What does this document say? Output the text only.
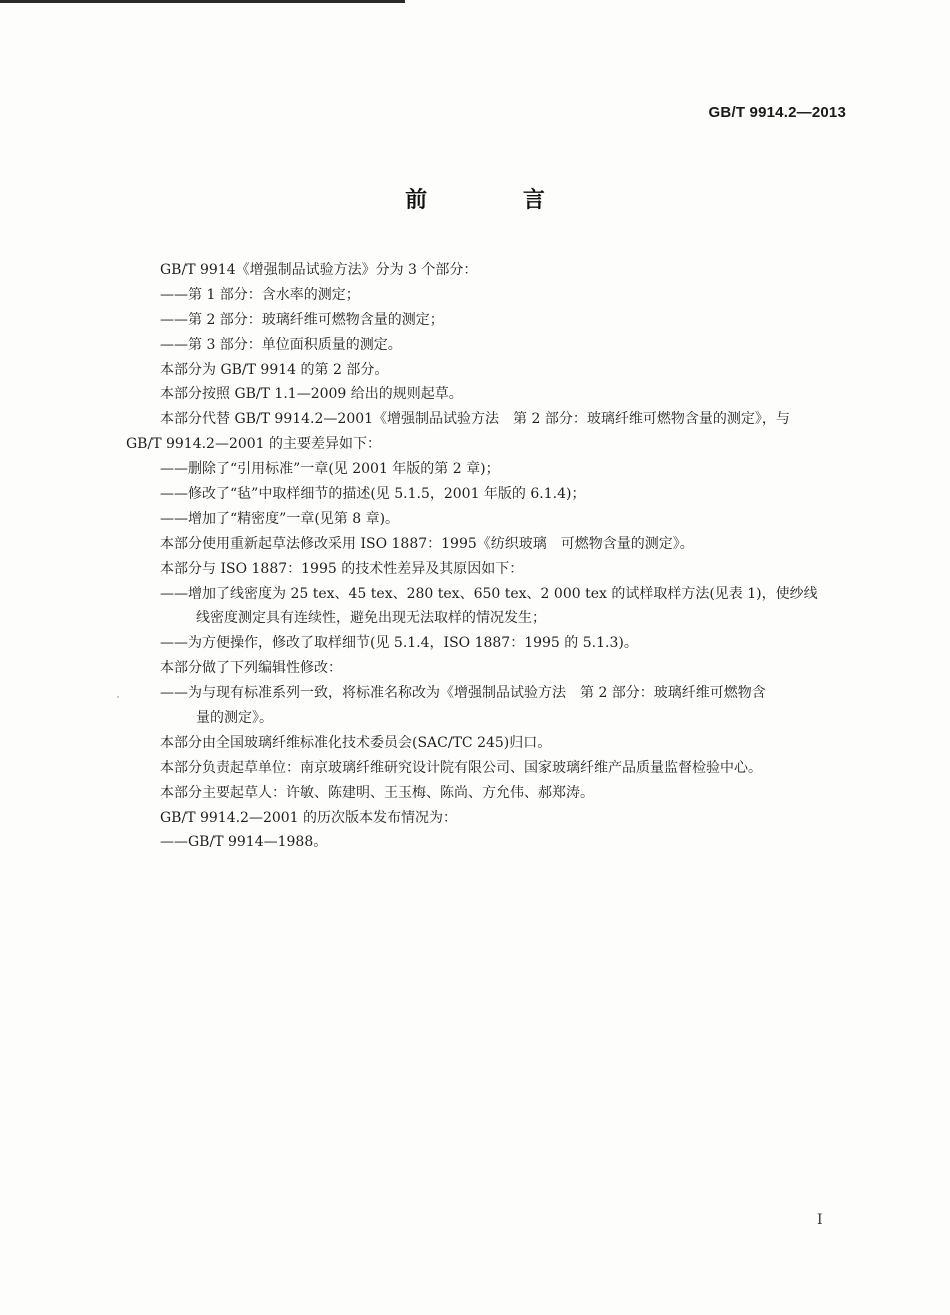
GB/T 9914.2—2013
前 言
GB/T 9914《增强制品试验方法》分为 3 个部分：
——第 1 部分：含水率的测定；
——第 2 部分：玻璃纤维可燃物含量的测定；
——第 3 部分：单位面积质量的测定。
本部分为 GB/T 9914 的第 2 部分。
本部分按照 GB/T 1.1—2009 给出的规则起草。
本部分代替 GB/T 9914.2—2001《增强制品试验方法　第 2 部分：玻璃纤维可燃物含量的测定》，与
GB/T 9914.2—2001 的主要差异如下：
——删除了“引用标准”一章(见 2001 年版的第 2 章)；
——修改了“毡”中取样细节的描述(见 5.1.5，2001 年版的 6.1.4)；
——增加了“精密度”一章(见第 8 章)。
本部分使用重新起草法修改采用 ISO 1887：1995《纺织玻璃　可燃物含量的测定》。
本部分与 ISO 1887：1995 的技术性差异及其原因如下：
——增加了线密度为 25 tex、45 tex、280 tex、650 tex、2 000 tex 的试样取样方法(见表 1)，使纱线
线密度测定具有连续性，避免出现无法取样的情况发生；
——为方便操作，修改了取样细节(见 5.1.4，ISO 1887：1995 的 5.1.3)。
本部分做了下列编辑性修改：
——为与现有标准系列一致，将标准名称改为《增强制品试验方法　第 2 部分：玻璃纤维可燃物含
量的测定》。
本部分由全国玻璃纤维标准化技术委员会(SAC/TC 245)归口。
本部分负责起草单位：南京玻璃纤维研究设计院有限公司、国家玻璃纤维产品质量监督检验中心。
本部分主要起草人：许敏、陈建明、王玉梅、陈尚、方允伟、郝郑涛。
GB/T 9914.2—2001 的历次版本发布情况为：
——GB/T 9914—1988。
I
